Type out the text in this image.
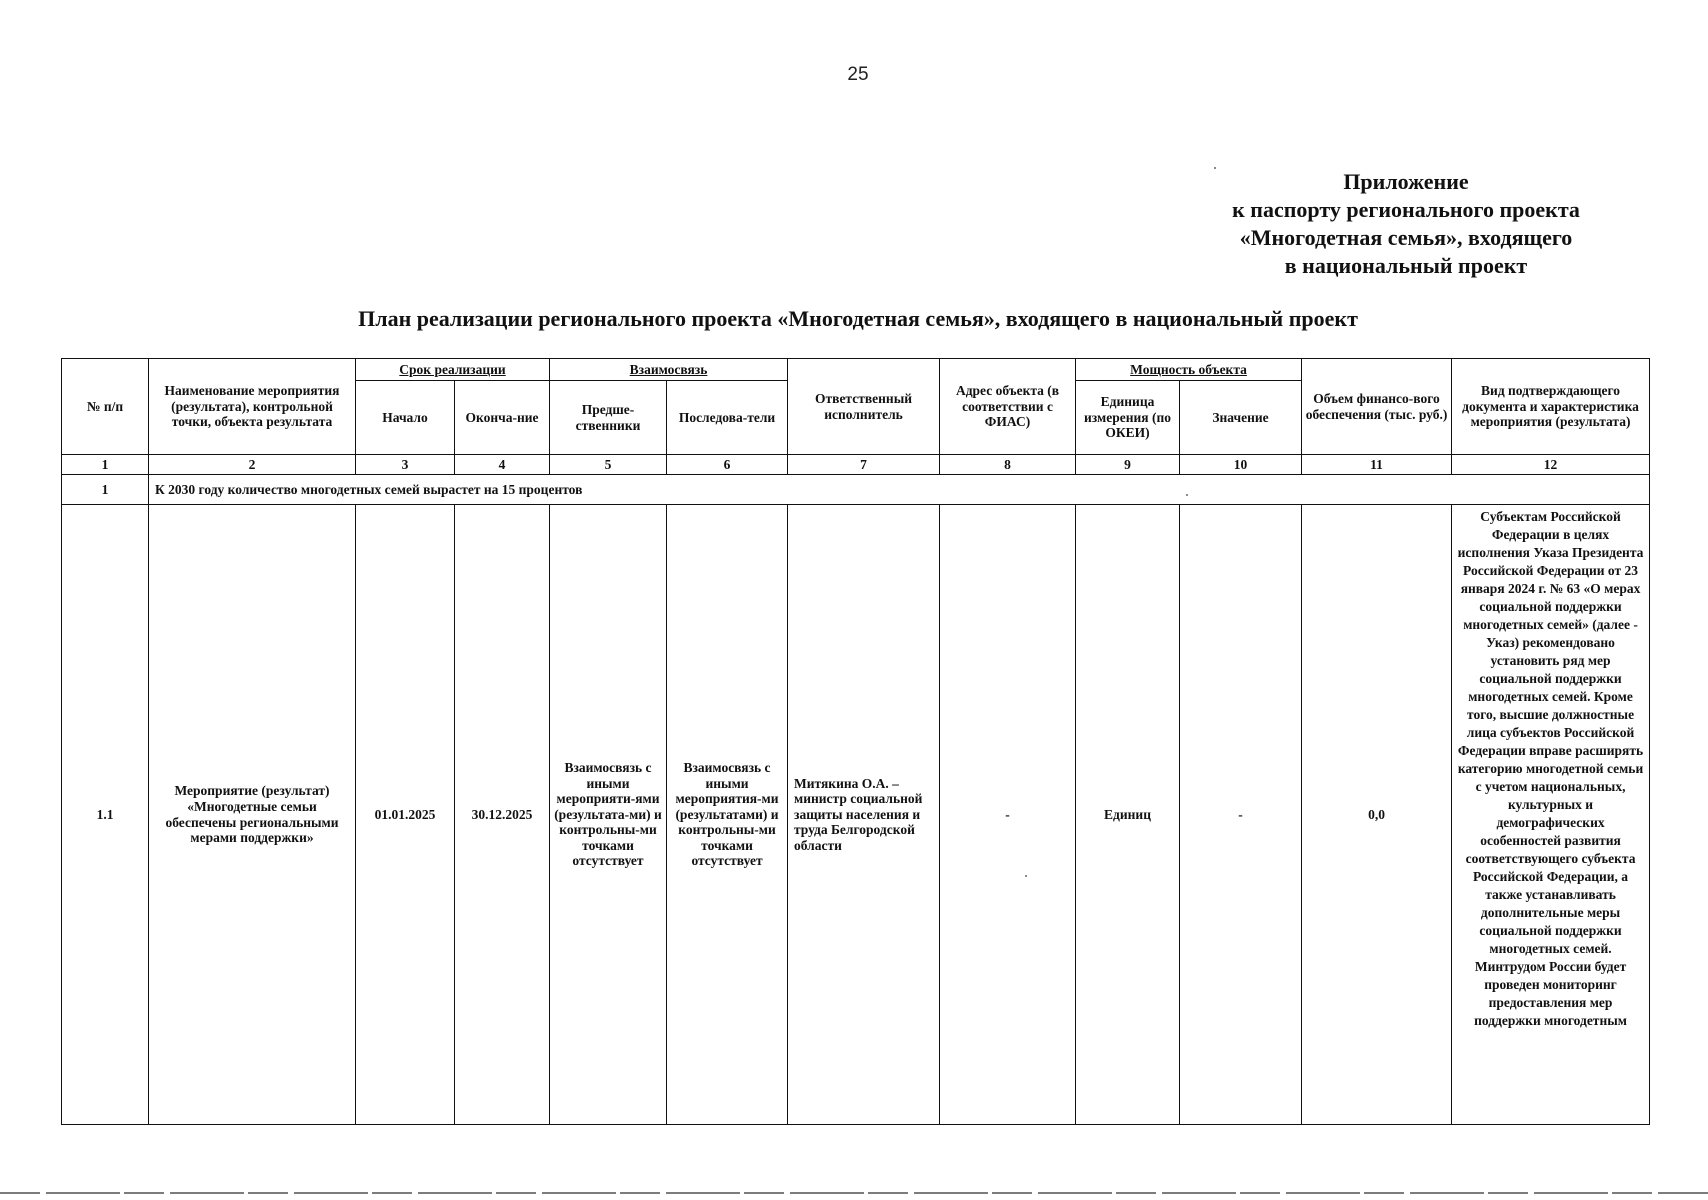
25
Приложение
к паспорту регионального проекта
«Многодетная семья», входящего
в национальный проект
План реализации регионального проекта «Многодетная семья», входящего в национальный проект
№ п/п	Наименование мероприятия (результата), контрольной точки, объекта результата	Срок реализации		Взаимосвязь		Ответственный исполнитель	Адрес объекта (в соответствии с ФИАС)	Мощность объекта		Объем финансо-вого обеспечения (тыс. руб.)	Вид подтверждающего документа и характеристика мероприятия (результата)
		Начало	Оконча-ние	Предше-ственники	Последова-тели			Единица измерения (по ОКЕИ)	Значение		
1	2	3	4	5	6	7	8	9	10	11	12
1	К 2030 году количество многодетных семей вырастет на 15 процентов										
1.1	Мероприятие (результат) «Многодетные семьи обеспечены региональными мерами поддержки»	01.01.2025	30.12.2025	Взаимосвязь с иными мероприяти-ями (результата-ми) и контрольны-ми точками отсутствует	Взаимосвязь с иными мероприятия-ми (результатами) и контрольны-ми точками отсутствует	Митякина О.А. – министр социальной защиты населения и труда Белгородской области	-	Единиц	-	0,0	Субъектам Российской Федерации в целях исполнения Указа Президента Российской Федерации от 23 января 2024 г. № 63 «О мерах социальной поддержки многодетных семей» (далее - Указ) рекомендовано установить ряд мер социальной поддержки многодетных семей. Кроме того, высшие должностные лица субъектов Российской Федерации вправе расширять категорию многодетной семьи с учетом национальных, культурных и демографических особенностей развития соответствующего субъекта Российской Федерации, а также устанавливать дополнительные меры социальной поддержки многодетных семей. Минтрудом России будет проведен мониторинг предоставления мер поддержки многодетным
